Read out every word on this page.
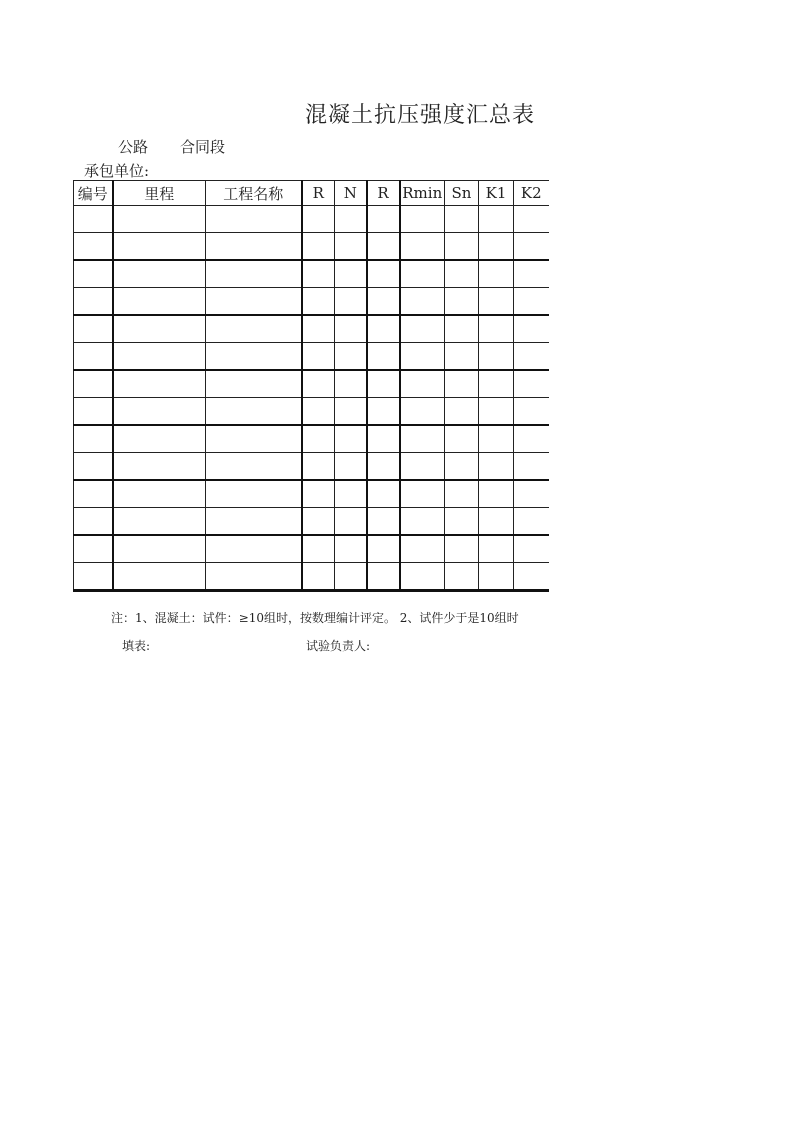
混凝土抗压强度汇总表
公路 合同段
承包单位:
编号	里程	工程名称	R	N	R	Rmin	Sn	K1	K2

注：1、混凝土：试件：≥10组时，按数理编计评定。 2、试件少于是10组时
填表:	试验负责人:
